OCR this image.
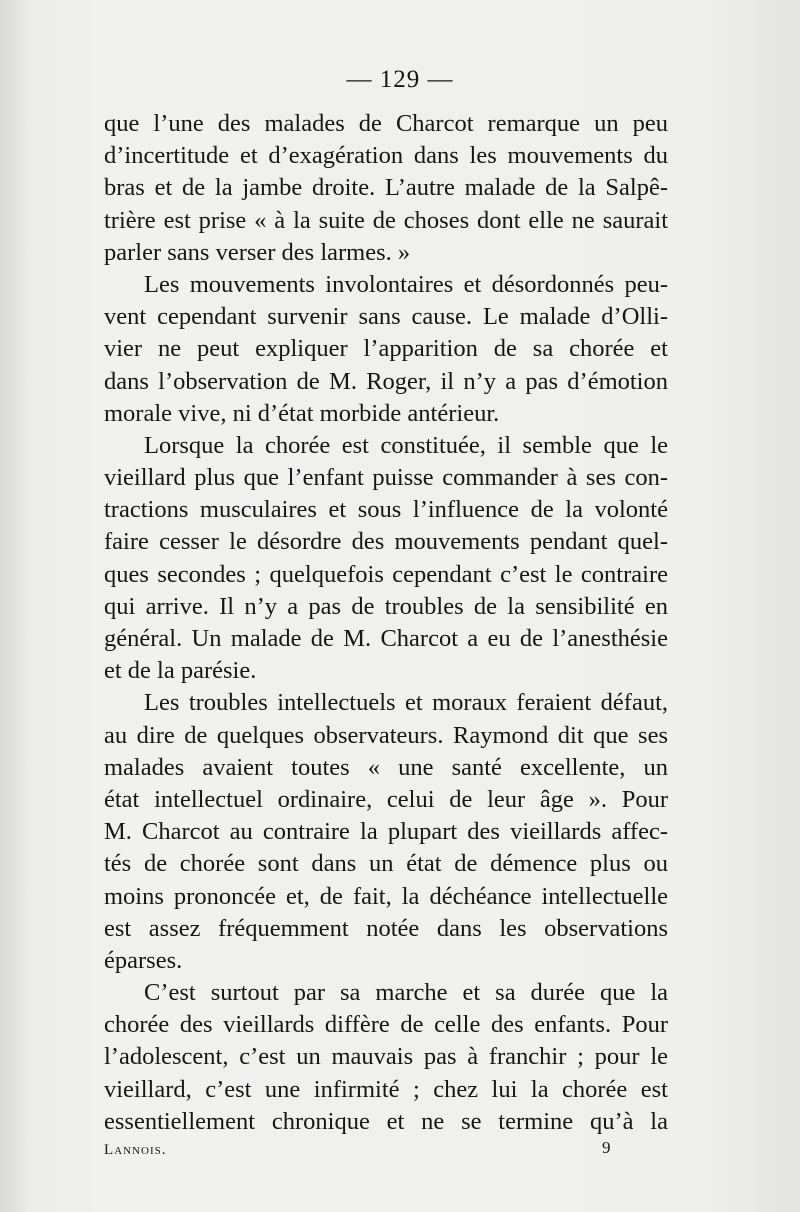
— 129 —
que l’une des malades de Charcot remarque un peu
d’incertitude et d’exagération dans les mouvements du
bras et de la jambe droite. L’autre malade de la Salpê-
trière est prise « à la suite de choses dont elle ne saurait
parler sans verser des larmes. »
Les mouvements involontaires et désordonnés peu-
vent cependant survenir sans cause. Le malade d’Olli-
vier ne peut expliquer l’apparition de sa chorée et
dans l’observation de M. Roger, il n’y a pas d’émotion
morale vive, ni d’état morbide antérieur.
Lorsque la chorée est constituée, il semble que le
vieillard plus que l’enfant puisse commander à ses con-
tractions musculaires et sous l’influence de la volonté
faire cesser le désordre des mouvements pendant quel-
ques secondes ; quelquefois cependant c’est le contraire
qui arrive. Il n’y a pas de troubles de la sensibilité en
général. Un malade de M. Charcot a eu de l’anesthésie
et de la parésie.
Les troubles intellectuels et moraux feraient défaut,
au dire de quelques observateurs. Raymond dit que ses
malades avaient toutes « une santé excellente, un
état intellectuel ordinaire, celui de leur âge ». Pour
M. Charcot au contraire la plupart des vieillards affec-
tés de chorée sont dans un état de démence plus ou
moins prononcée et, de fait, la déchéance intellectuelle
est assez fréquemment notée dans les observations
éparses.
C’est surtout par sa marche et sa durée que la
chorée des vieillards diffère de celle des enfants. Pour
l’adolescent, c’est un mauvais pas à franchir ; pour le
vieillard, c’est une infirmité ; chez lui la chorée est
essentiellement chronique et ne se termine qu’à la
Lannois.	9
